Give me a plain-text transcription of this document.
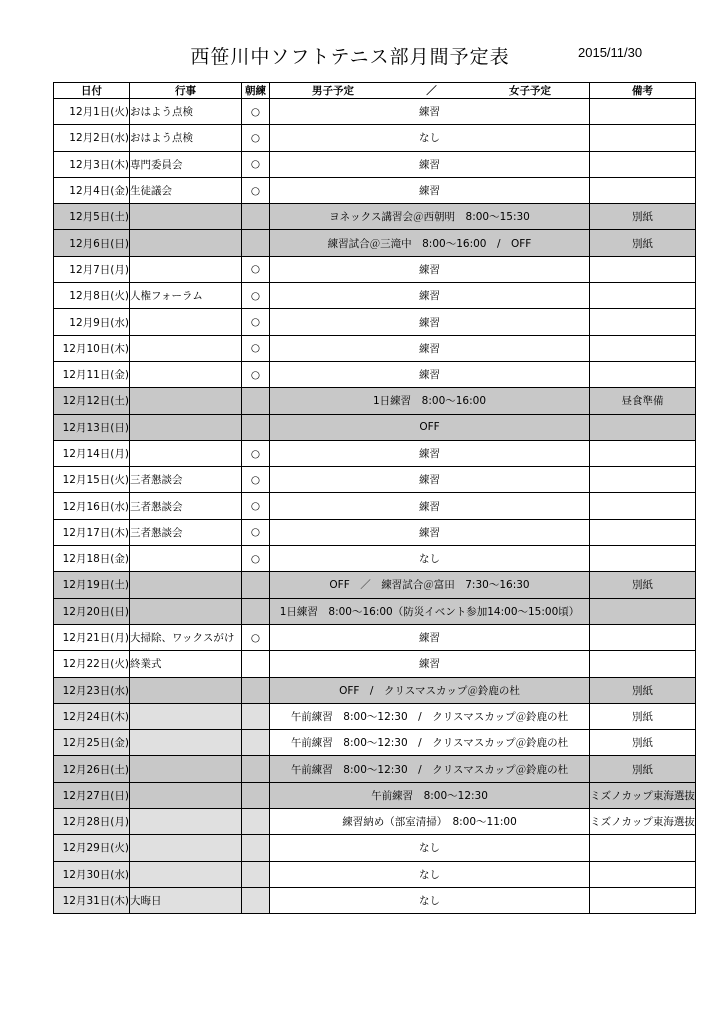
西笹川中ソフトテニス部月間予定表	2015/11/30
日付	行事	朝練	男子予定 ／ 女子予定	備考
12月1日(火)	おはよう点検	○	練習	
12月2日(水)	おはよう点検	○	なし	
12月3日(木)	専門委員会	○	練習	
12月4日(金)	生徒議会	○	練習	
12月5日(土)			ヨネックス講習会＠西朝明　8:00～15:30	別紙
12月6日(日)			練習試合＠三滝中　8:00～16:00　/　OFF	別紙
12月7日(月)		○	練習	
12月8日(火)	人権フォーラム	○	練習	
12月9日(水)		○	練習	
12月10日(木)		○	練習	
12月11日(金)		○	練習	
12月12日(土)			1日練習　8:00～16:00	昼食準備
12月13日(日)			OFF	
12月14日(月)		○	練習	
12月15日(火)	三者懇談会	○	練習	
12月16日(水)	三者懇談会	○	練習	
12月17日(木)	三者懇談会	○	練習	
12月18日(金)		○	なし	
12月19日(土)			OFF　／　練習試合＠富田　7:30～16:30	別紙
12月20日(日)			1日練習　8:00～16:00（防災イベント参加14:00～15:00頃）	
12月21日(月)	大掃除、ワックスがけ	○	練習	
12月22日(火)	終業式		練習	
12月23日(水)			OFF　/　クリスマスカップ＠鈴鹿の杜	別紙
12月24日(木)			午前練習　8:00～12:30　/　クリスマスカップ＠鈴鹿の杜	別紙
12月25日(金)			午前練習　8:00～12:30　/　クリスマスカップ＠鈴鹿の杜	別紙
12月26日(土)			午前練習　8:00～12:30　/　クリスマスカップ＠鈴鹿の杜	別紙
12月27日(日)			午前練習　8:00～12:30	ミズノカップ東海選抜
12月28日(月)			練習納め（部室清掃）　8:00～11:00	ミズノカップ東海選抜
12月29日(火)			なし	
12月30日(水)			なし	
12月31日(木)	大晦日		なし	
